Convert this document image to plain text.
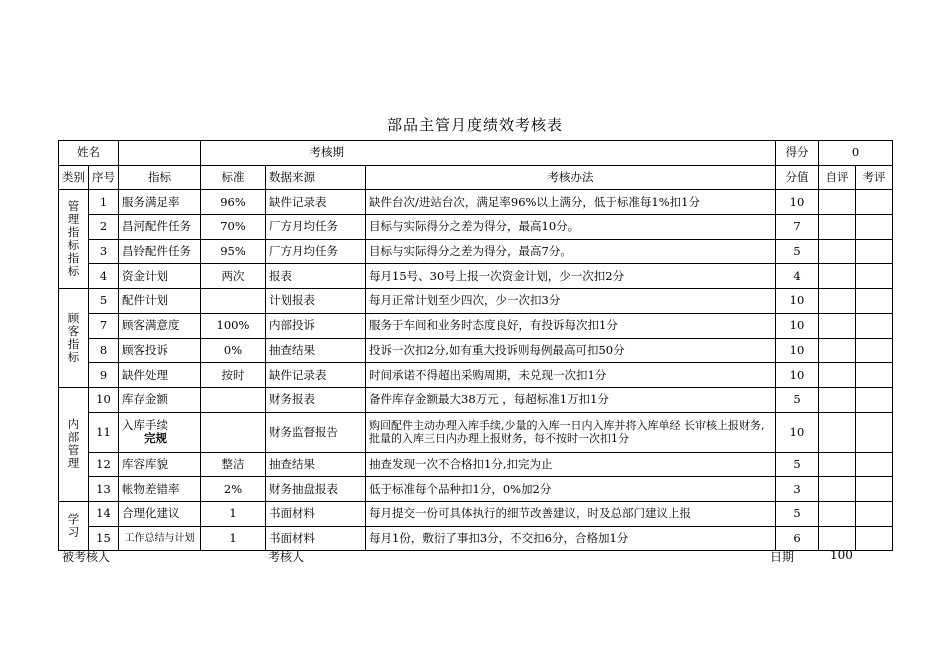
部品主管月度绩效考核表
姓名			考核期			得分	0	
类别	序号	指标	标准	数据来源	考核办法	分值	自评	考评
管理指标指标	1	服务满足率	96%	缺件记录表	缺件台次/进站台次，满足率96%以上满分，低于标准每1%扣1分	10		
	2	昌河配件任务	70%	厂方月均任务	目标与实际得分之差为得分，最高10分。	7		
	3	昌铃配件任务	95%	厂方月均任务	目标与实际得分之差为得分，最高7分。	5		
	4	资金计划	两次	报表	每月15号、30号上报一次资金计划，少一次扣2分	4		
顾客指标	5	配件计划		计划报表	每月正常计划至少四次，少一次扣3分	10		
	7	顾客满意度	100%	内部投诉	服务于车间和业务时态度良好，有投诉每次扣1分	10		
	8	顾客投诉	0%	抽查结果	投诉一次扣2分,如有重大投诉则每例最高可扣50分	10		
	9	缺件处理	按时	缺件记录表	时间承诺不得超出采购周期，未兑现一次扣1分	10		
内部管理	10	库存金额		财务报表	备件库存金额最大38万元 ，每超标准1万扣1分	5		
	11	入库手续完规		财务监督报告	购回配件主动办理入库手续,少量的入库一日内入库并将入库单经 长审核上报财务,批量的入库三日内办理上报财务，每不按时一次扣1分	10		
	12	库容库貌	整洁	抽查结果	抽查发现一次不合格扣1分,扣完为止	5		
	13	帐物差错率	2%	财务抽盘报表	低于标准每个品种扣1分，0%加2分	3		
学习	14	合理化建议	1	书面材料	每月提交一份可具体执行的细节改善建议，时及总部门建议上报	5		
	15	工作总结与计划	1	书面材料	每月1份，敷衍了事扣3分，不交扣6分，合格加1分	6		
被考核人	考核人	日期	100
